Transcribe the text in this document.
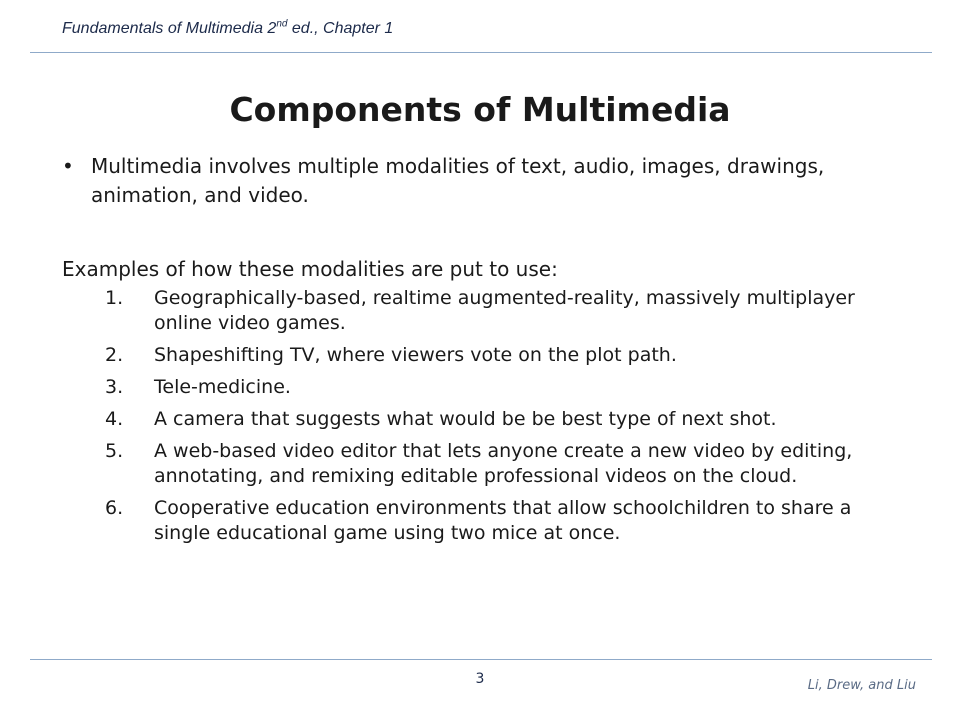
Fundamentals of Multimedia 2nd ed., Chapter 1
Components of Multimedia
• Multimedia involves multiple modalities of text, audio, images, drawings, animation, and video.
Examples of how these modalities are put to use:
1.	Geographically-based, realtime augmented-reality, massively multiplayer online video games.
2.	Shapeshifting TV, where viewers vote on the plot path.
3.	Tele-medicine.
4.	A camera that suggests what would be be best type of next shot.
5.	A web-based video editor that lets anyone create a new video by editing, annotating, and remixing editable professional videos on the cloud.
6.	Cooperative education environments that allow schoolchildren to share a single educational game using two mice at once.
3	Li, Drew, and Liu
